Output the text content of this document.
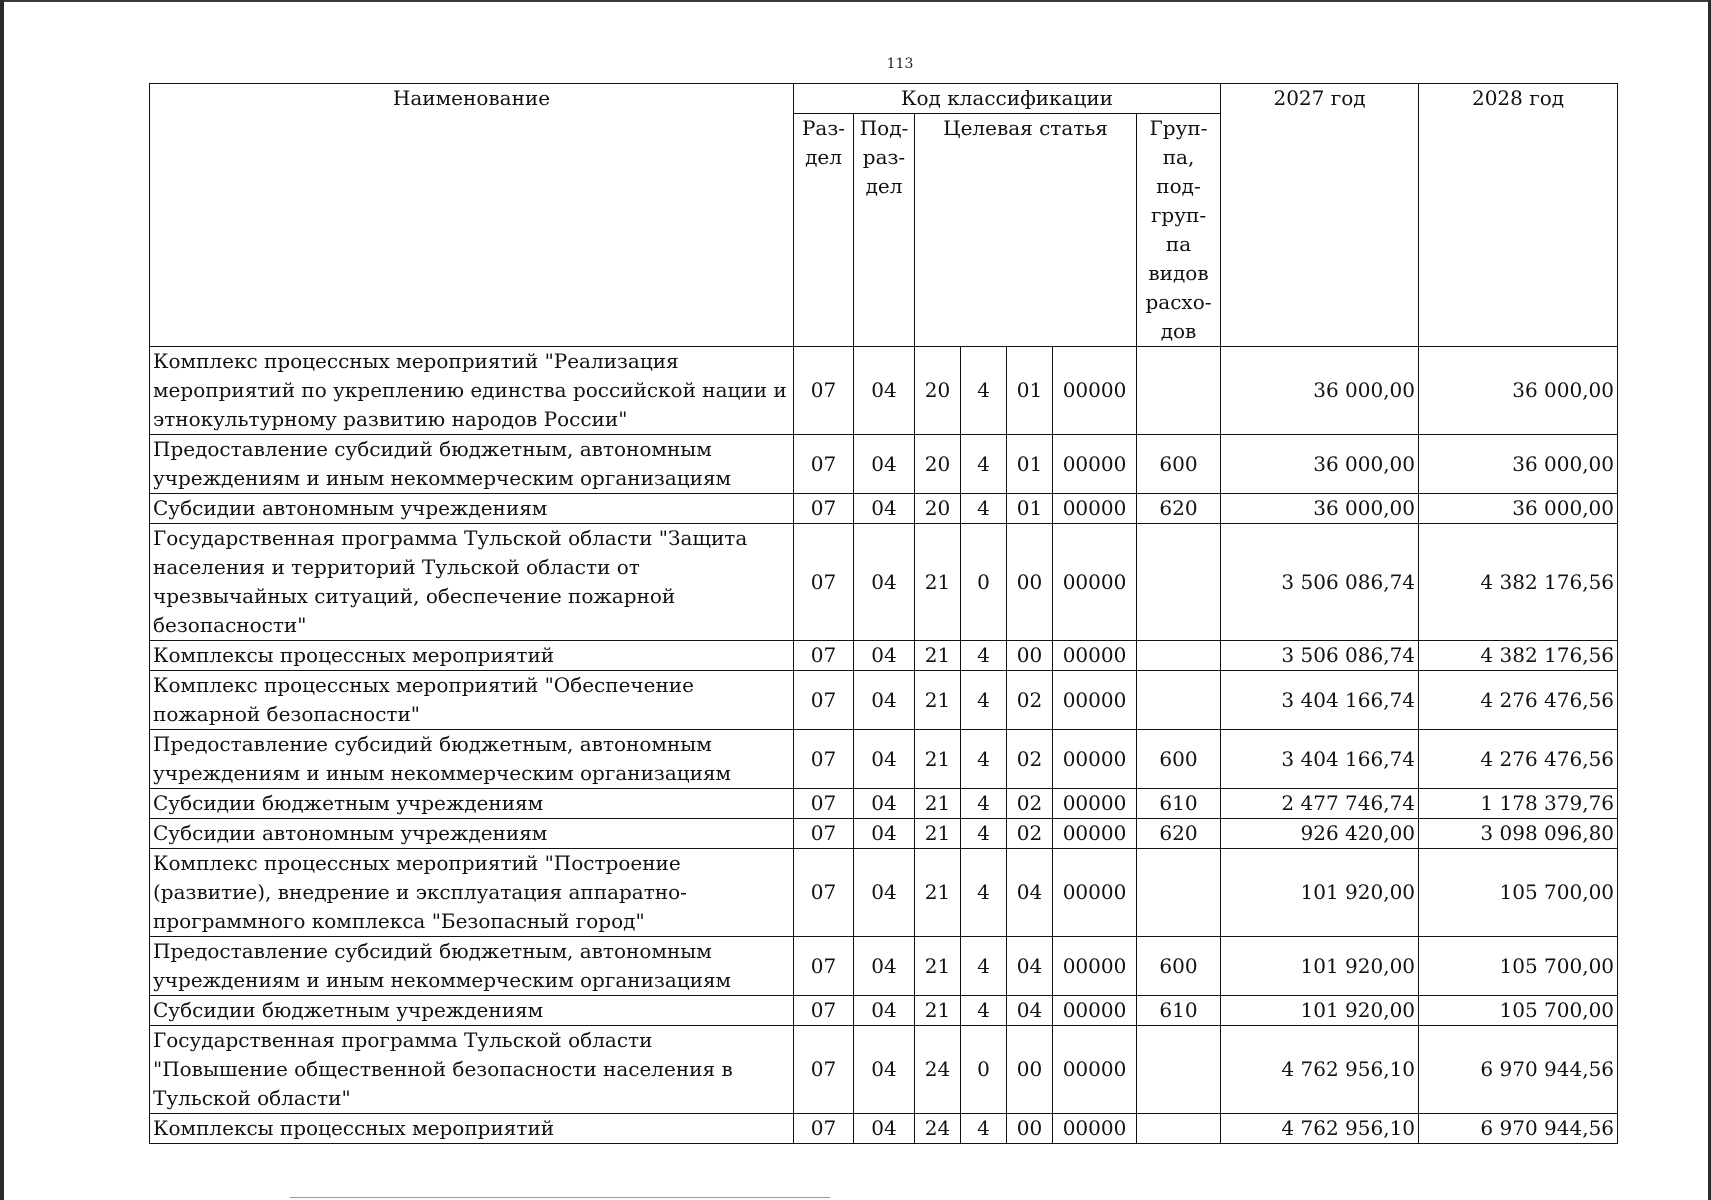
113
Наименование	Код классификации							2027 год	2028 год
	Раз-дел	Под-раз-дел	Целевая статья				Груп-па, под-груп-па видов расхо-дов		
Комплекс процессных мероприятий "Реализация мероприятий по укреплению единства российской нации и этнокультурному развитию народов России"	07	04	20	4	01	00000		36 000,00	36 000,00
Предоставление субсидий бюджетным, автономным учреждениям и иным некоммерческим организациям	07	04	20	4	01	00000	600	36 000,00	36 000,00
Субсидии автономным учреждениям	07	04	20	4	01	00000	620	36 000,00	36 000,00
Государственная программа Тульской области "Защита населения и территорий Тульской области от чрезвычайных ситуаций, обеспечение пожарной безопасности"	07	04	21	0	00	00000		3 506 086,74	4 382 176,56
Комплексы процессных мероприятий	07	04	21	4	00	00000		3 506 086,74	4 382 176,56
Комплекс процессных мероприятий "Обеспечение пожарной безопасности"	07	04	21	4	02	00000		3 404 166,74	4 276 476,56
Предоставление субсидий бюджетным, автономным учреждениям и иным некоммерческим организациям	07	04	21	4	02	00000	600	3 404 166,74	4 276 476,56
Субсидии бюджетным учреждениям	07	04	21	4	02	00000	610	2 477 746,74	1 178 379,76
Субсидии автономным учреждениям	07	04	21	4	02	00000	620	926 420,00	3 098 096,80
Комплекс процессных мероприятий "Построение (развитие), внедрение и эксплуатация аппаратно-программного комплекса "Безопасный город"	07	04	21	4	04	00000		101 920,00	105 700,00
Предоставление субсидий бюджетным, автономным учреждениям и иным некоммерческим организациям	07	04	21	4	04	00000	600	101 920,00	105 700,00
Субсидии бюджетным учреждениям	07	04	21	4	04	00000	610	101 920,00	105 700,00
Государственная программа Тульской области "Повышение общественной безопасности населения в Тульской области"	07	04	24	0	00	00000		4 762 956,10	6 970 944,56
Комплексы процессных мероприятий	07	04	24	4	00	00000		4 762 956,10	6 970 944,56
